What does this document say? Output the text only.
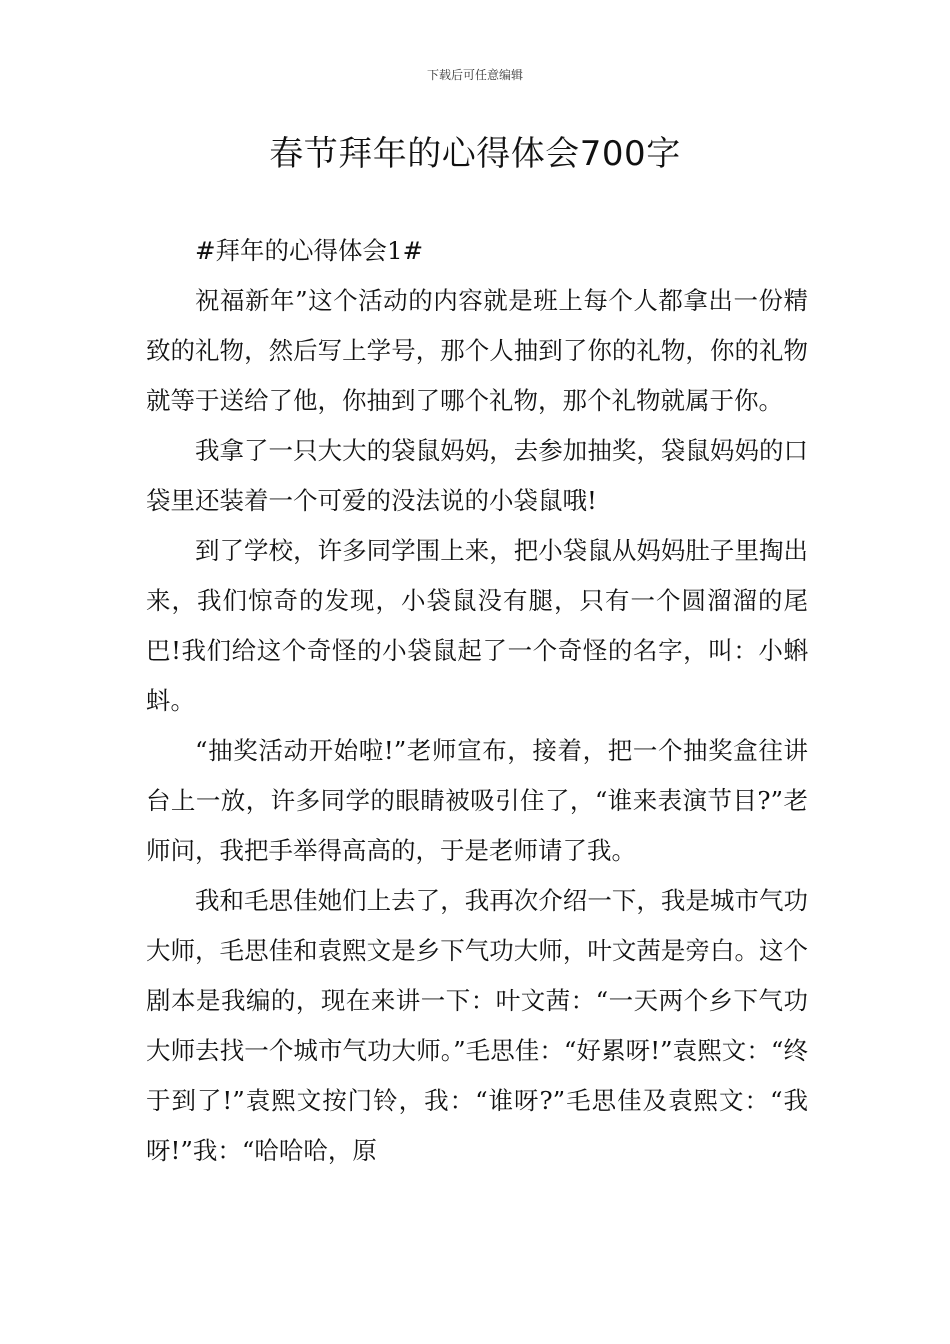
下载后可任意编辑
春节拜年的心得体会700字

#拜年的心得体会1#

祝福新年”这个活动的内容就是班上每个人都拿出一份精致的礼物，然后写上学号，那个人抽到了你的礼物，你的礼物就等于送给了他，你抽到了哪个礼物，那个礼物就属于你。

我拿了一只大大的袋鼠妈妈，去参加抽奖，袋鼠妈妈的口袋里还装着一个可爱的没法说的小袋鼠哦!

到了学校，许多同学围上来，把小袋鼠从妈妈肚子里掏出来，我们惊奇的发现，小袋鼠没有腿，只有一个圆溜溜的尾巴!我们给这个奇怪的小袋鼠起了一个奇怪的名字，叫：小蝌蚪。

“抽奖活动开始啦!”老师宣布，接着，把一个抽奖盒往讲台上一放，许多同学的眼睛被吸引住了，“谁来表演节目?”老师问，我把手举得高高的，于是老师请了我。

我和毛思佳她们上去了，我再次介绍一下，我是城市气功大师，毛思佳和袁熙文是乡下气功大师，叶文茜是旁白。这个剧本是我编的，现在来讲一下：叶文茜：“一天两个乡下气功大师去找一个城市气功大师。”毛思佳：“好累呀!”袁熙文：“终于到了!”袁熙文按门铃，我：“谁呀?”毛思佳及袁熙文：“我呀!”我：“哈哈哈，原
